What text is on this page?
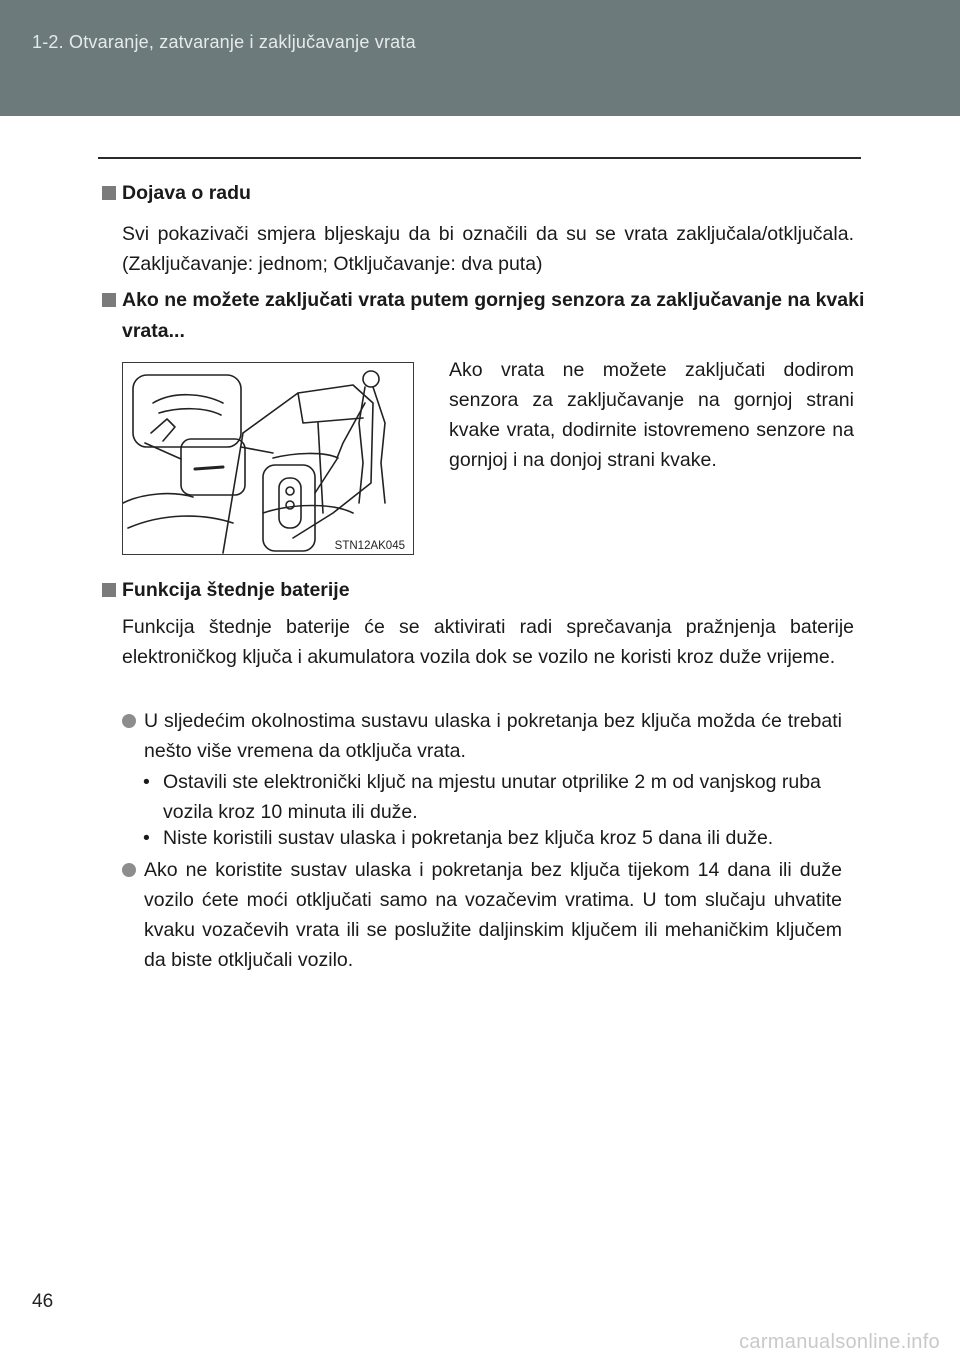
1-2. Otvaranje, zatvaranje i zaključavanje vrata
Dojava o radu
Svi pokazivači smjera bljeskaju da bi označili da su se vrata zaključala/otključala. (Zaključavanje: jednom; Otključavanje: dva puta)
Ako ne možete zaključati vrata putem gornjeg senzora za zaključavanje na kvaki vrata...
STN12AK045
Ako vrata ne možete zaključati dodirom senzora za zaključavanje na gornjoj strani kvake vrata, dodirnite istovremeno senzore na gornjoj i na donjoj strani kvake.
Funkcija štednje baterije
Funkcija štednje baterije će se aktivirati radi sprečavanja pražnjenja baterije elektroničkog ključa i akumulatora vozila dok se vozilo ne koristi kroz duže vrijeme.
U sljedećim okolnostima sustavu ulaska i pokretanja bez ključa možda će trebati nešto više vremena da otključa vrata.
• Ostavili ste elektronički ključ na mjestu unutar otprilike 2 m od vanjskog ruba vozila kroz 10 minuta ili duže.
• Niste koristili sustav ulaska i pokretanja bez ključa kroz 5 dana ili duže.
Ako ne koristite sustav ulaska i pokretanja bez ključa tijekom 14 dana ili duže vozilo ćete moći otključati samo na vozačevim vratima. U tom slučaju uhvatite kvaku vozačevih vrata ili se poslužite daljinskim ključem ili mehaničkim ključem da biste otključali vozilo.
46
carmanualsonline.info
